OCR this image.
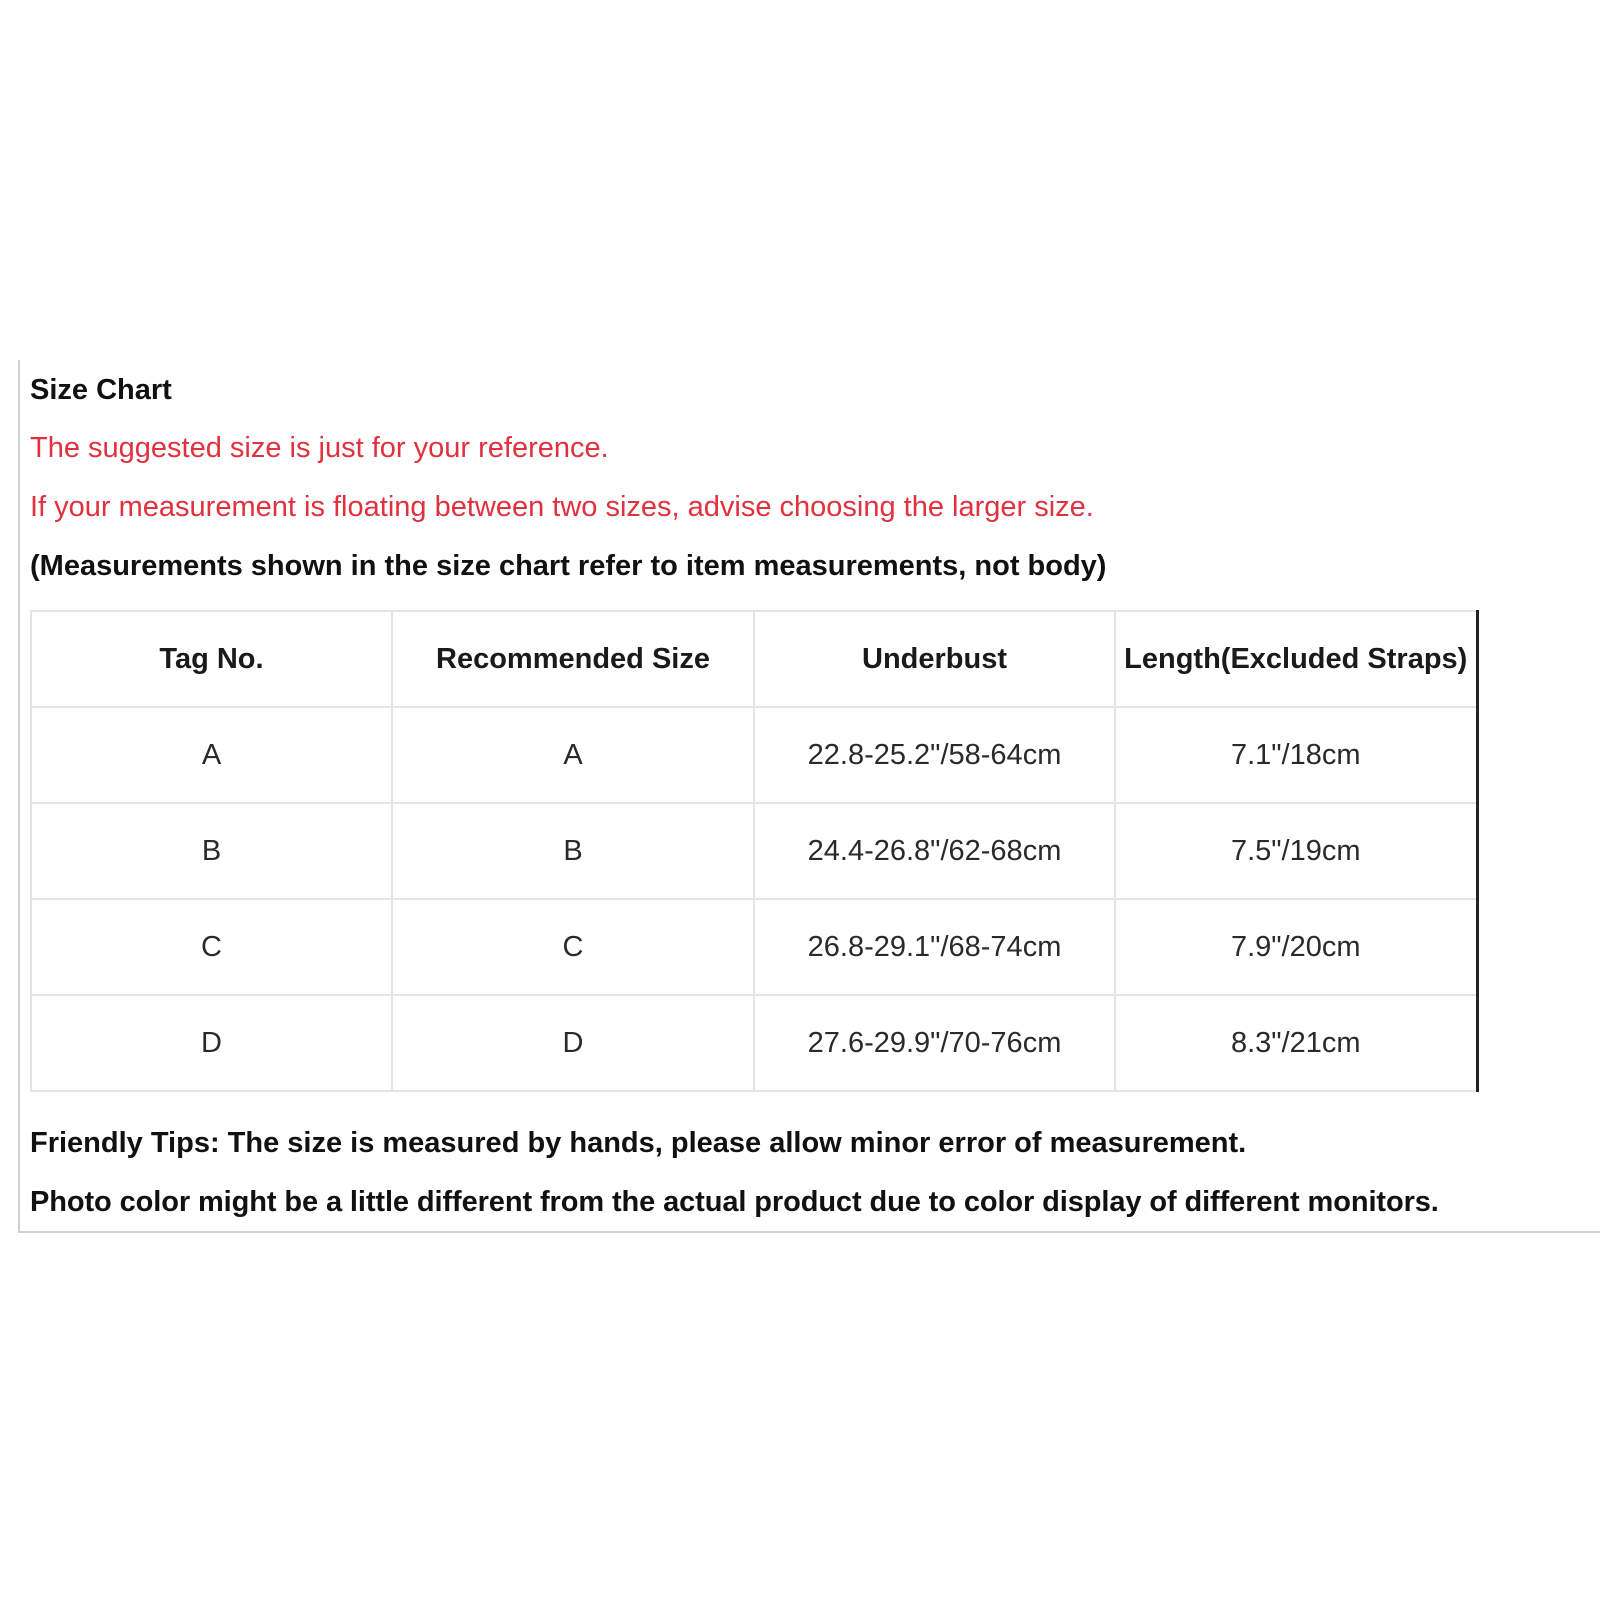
Size Chart
The suggested size is just for your reference.
If your measurement is floating between two sizes, advise choosing the larger size.
(Measurements shown in the size chart refer to item measurements, not body)
Tag No.	Recommended Size	Underbust	Length(Excluded Straps)
A	A	22.8-25.2"/58-64cm	7.1"/18cm
B	B	24.4-26.8"/62-68cm	7.5"/19cm
C	C	26.8-29.1"/68-74cm	7.9"/20cm
D	D	27.6-29.9"/70-76cm	8.3"/21cm
Friendly Tips: The size is measured by hands, please allow minor error of measurement.
Photo color might be a little different from the actual product due to color display of different monitors.
